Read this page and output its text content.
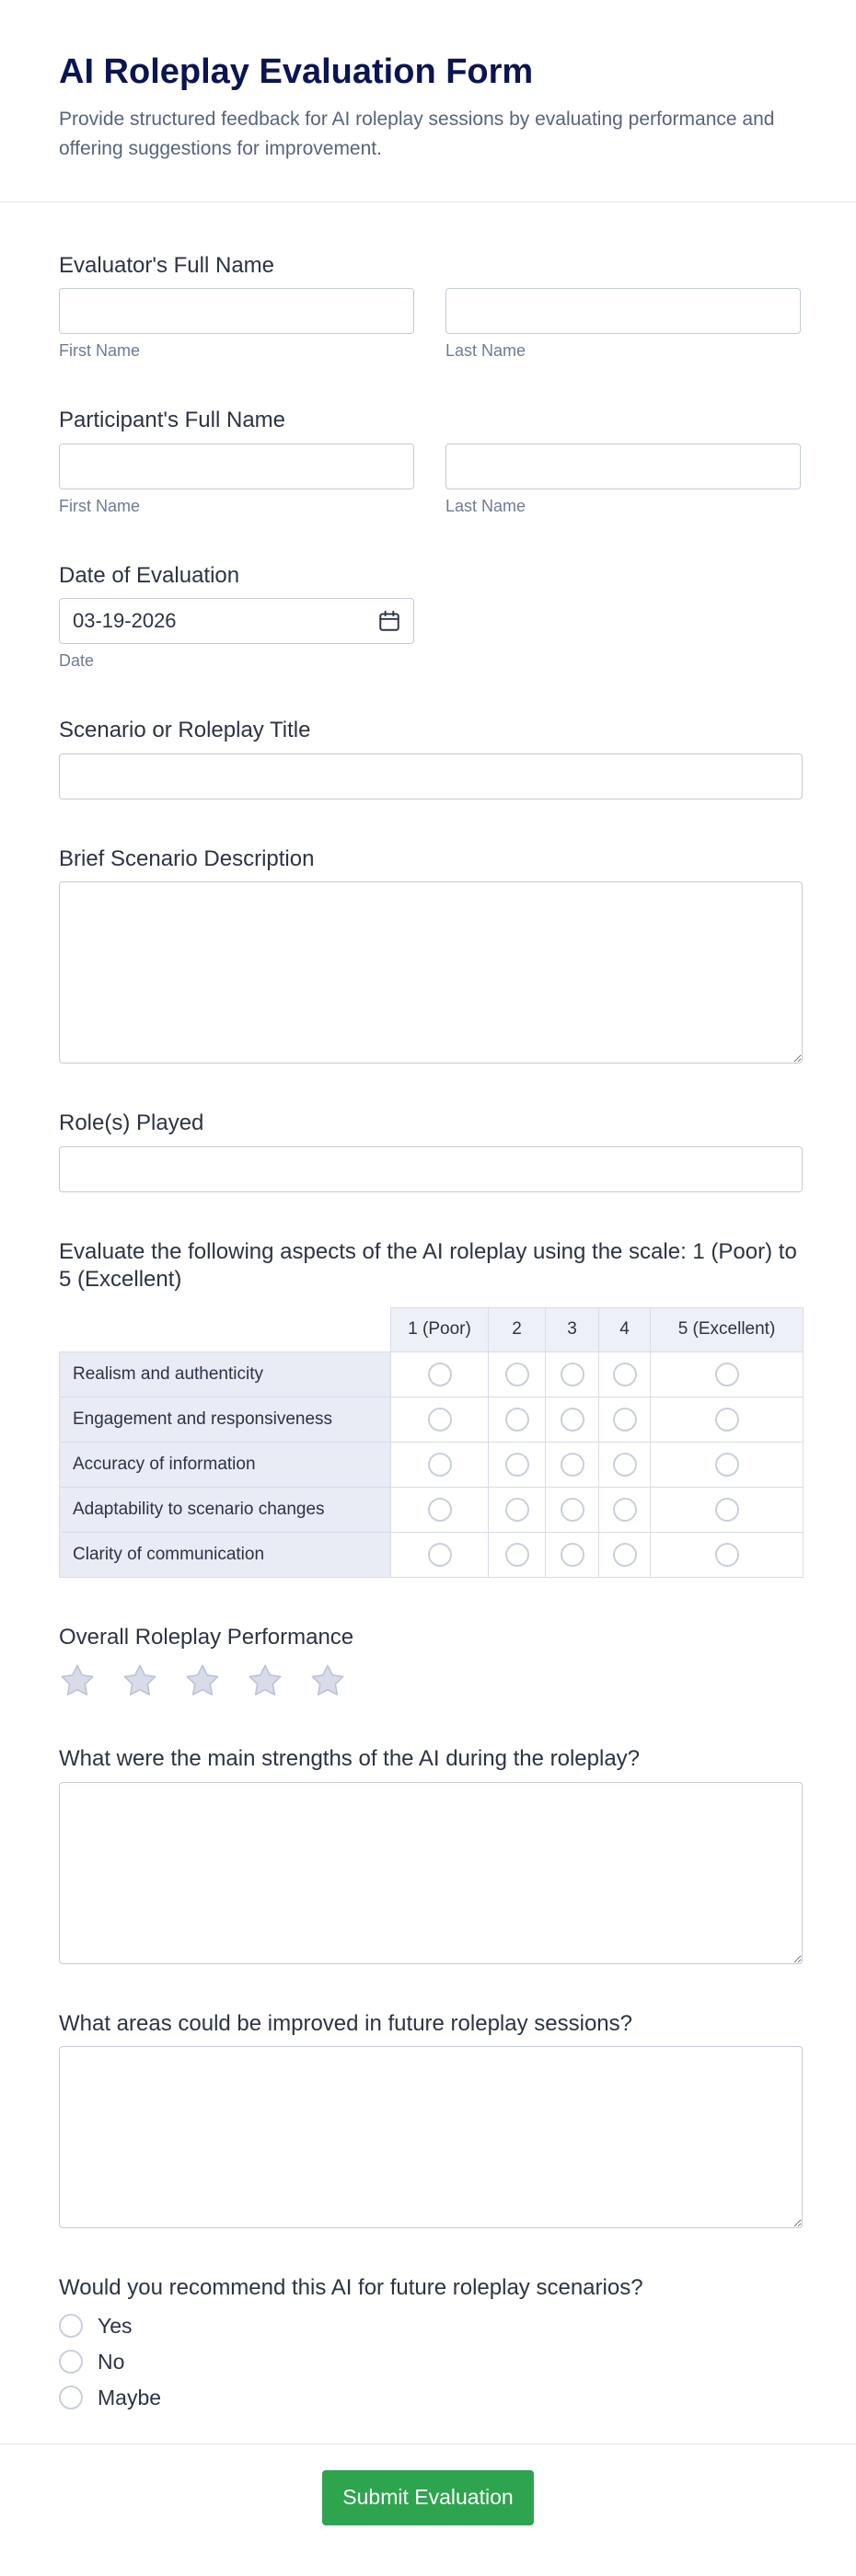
AI Roleplay Evaluation Form

Provide structured feedback for AI roleplay sessions by evaluating performance and offering suggestions for improvement.

Evaluator's Full Name
First Name	Last Name
Participant's Full Name
First Name	Last Name
Date of Evaluation
03-19-2026
Date
Scenario or Roleplay Title
Brief Scenario Description
Role(s) Played
Evaluate the following aspects of the AI roleplay using the scale: 1 (Poor) to 5 (Excellent)
	1 (Poor)	2	3	4	5 (Excellent)
Realism and authenticity					
Engagement and responsiveness					
Accuracy of information					
Adaptability to scenario changes					
Clarity of communication					
Overall Roleplay Performance
What were the main strengths of the AI during the roleplay?
What areas could be improved in future roleplay sessions?
Would you recommend this AI for future roleplay scenarios?
Yes
No
Maybe
Submit Evaluation
